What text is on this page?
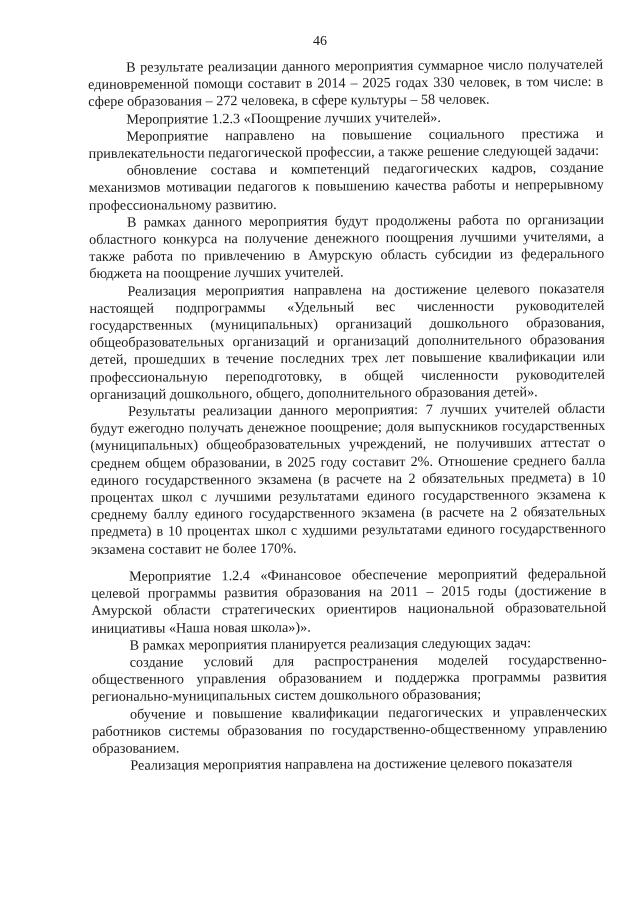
46

В результате реализации данного мероприятия суммарное число получателей единовременной помощи составит в 2014 – 2025 годах 330 человек, в том числе: в сфере образования – 272 человека, в сфере культуры – 58 человек.

Мероприятие 1.2.3 «Поощрение лучших учителей».

Мероприятие направлено на повышение социального престижа и привлекательности педагогической профессии, а также решение следующей задачи:

обновление состава и компетенций педагогических кадров, создание механизмов мотивации педагогов к повышению качества работы и непрерывному профессиональному развитию.

В рамках данного мероприятия будут продолжены работа по организации областного конкурса на получение денежного поощрения лучшими учителями, а также работа по привлечению в Амурскую область субсидии из федерального бюджета на поощрение лучших учителей.

Реализация мероприятия направлена на достижение целевого показателя настоящей подпрограммы «Удельный вес численности руководителей государственных (муниципальных) организаций дошкольного образования, общеобразовательных организаций и организаций дополнительного образования детей, прошедших в течение последних трех лет повышение квалификации или профессиональную переподготовку, в общей численности руководителей организаций дошкольного, общего, дополнительного образования детей».

Результаты реализации данного мероприятия: 7 лучших учителей области будут ежегодно получать денежное поощрение; доля выпускников государственных (муниципальных) общеобразовательных учреждений, не получивших аттестат о среднем общем образовании, в 2025 году составит 2%. Отношение среднего балла единого государственного экзамена (в расчете на 2 обязательных предмета) в 10 процентах школ с лучшими результатами единого государственного экзамена к среднему баллу единого государственного экзамена (в расчете на 2 обязательных предмета) в 10 процентах школ с худшими результатами единого государственного экзамена составит не более 170%.

Мероприятие 1.2.4 «Финансовое обеспечение мероприятий федеральной целевой программы развития образования на 2011 – 2015 годы (достижение в Амурской области стратегических ориентиров национальной образовательной инициативы «Наша новая школа»)».

В рамках мероприятия планируется реализация следующих задач:

создание условий для распространения моделей государственно-общественного управления образованием и поддержка программы развития регионально-муниципальных систем дошкольного образования;

обучение и повышение квалификации педагогических и управленческих работников системы образования по государственно-общественному управлению образованием.

Реализация мероприятия направлена на достижение целевого показателя
